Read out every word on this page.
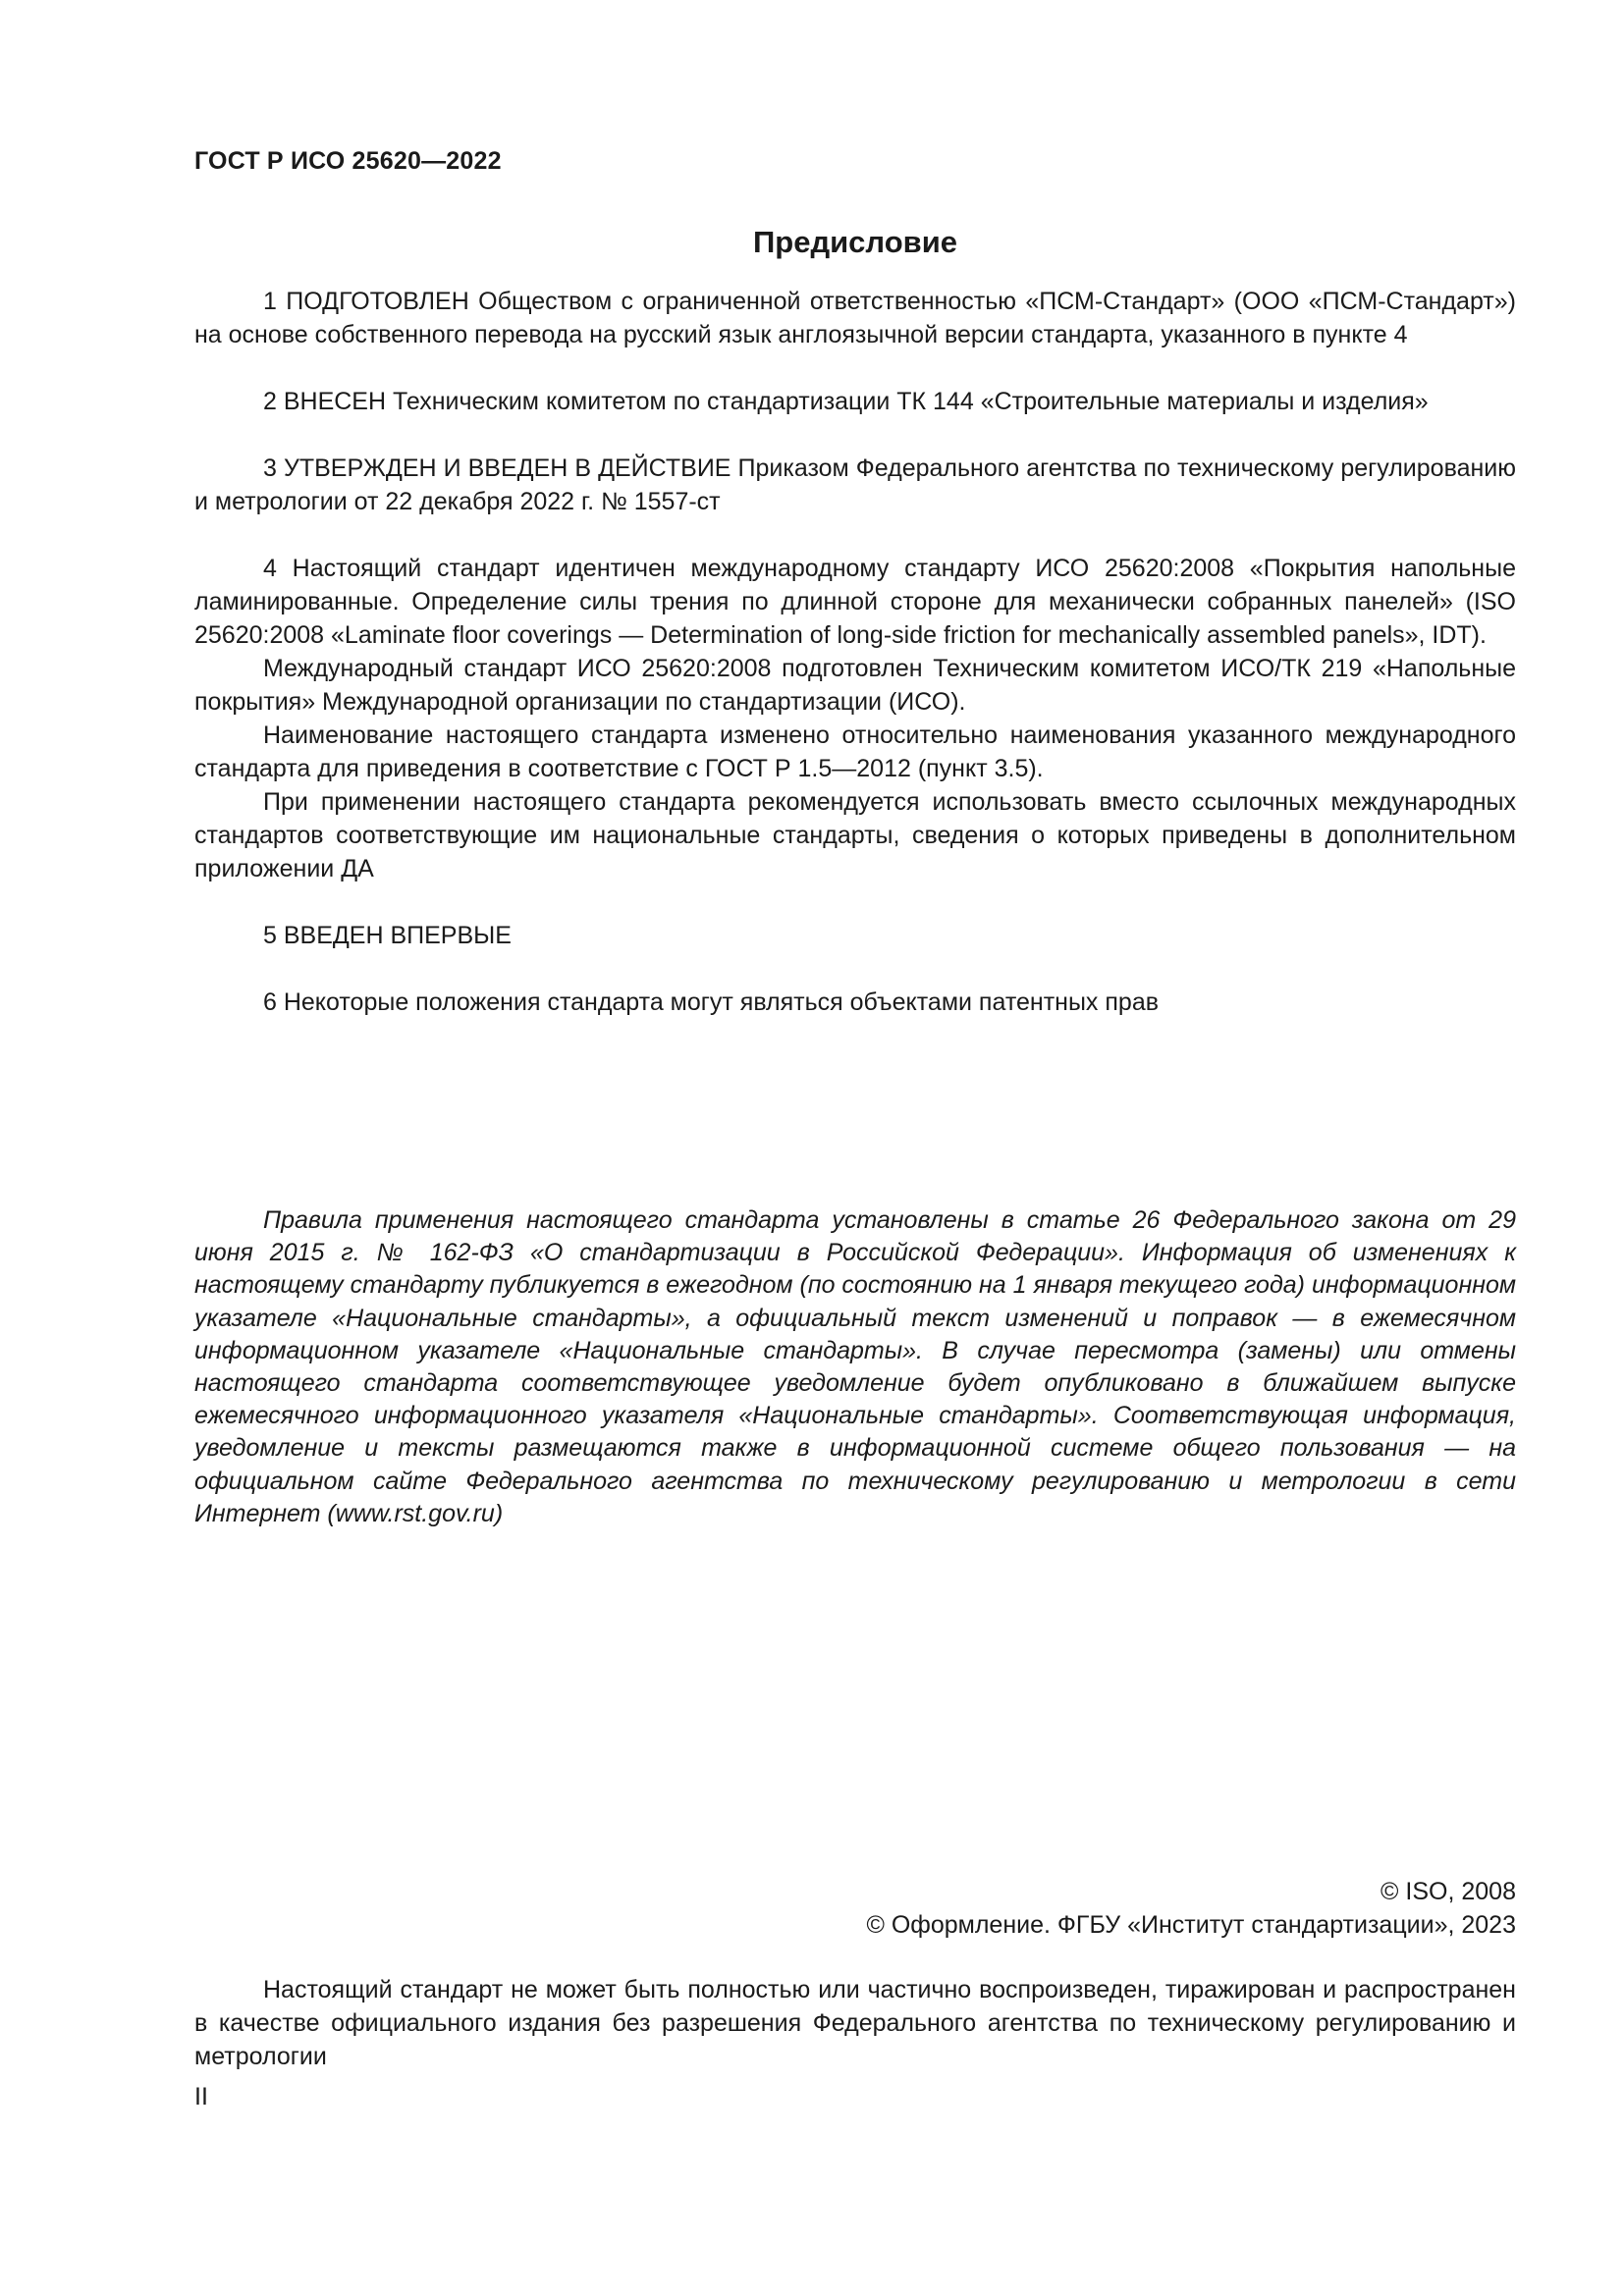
ГОСТ Р ИСО 25620—2022
Предисловие

1 ПОДГОТОВЛЕН Обществом с ограниченной ответственностью «ПСМ-Стандарт» (ООО «ПСМ-Стандарт») на основе собственного перевода на русский язык англоязычной версии стандарта, указанного в пункте 4

2 ВНЕСЕН Техническим комитетом по стандартизации ТК 144 «Строительные материалы и изделия»

3 УТВЕРЖДЕН И ВВЕДЕН В ДЕЙСТВИЕ Приказом Федерального агентства по техническому регулированию и метрологии от 22 декабря 2022 г. № 1557-ст

4 Настоящий стандарт идентичен международному стандарту ИСО 25620:2008 «Покрытия напольные ламинированные. Определение силы трения по длинной стороне для механически собранных панелей» (ISO 25620:2008 «Laminate floor coverings — Determination of long-side friction for mechanically assembled panels», IDT).

Международный стандарт ИСО 25620:2008 подготовлен Техническим комитетом ИСО/ТК 219 «Напольные покрытия» Международной организации по стандартизации (ИСО).

Наименование настоящего стандарта изменено относительно наименования указанного международного стандарта для приведения в соответствие с ГОСТ Р 1.5—2012 (пункт 3.5).

При применении настоящего стандарта рекомендуется использовать вместо ссылочных международных стандартов соответствующие им национальные стандарты, сведения о которых приведены в дополнительном приложении ДА

5 ВВЕДЕН ВПЕРВЫЕ

6 Некоторые положения стандарта могут являться объектами патентных прав

Правила применения настоящего стандарта установлены в статье 26 Федерального закона от 29 июня 2015 г. № 162-ФЗ «О стандартизации в Российской Федерации». Информация об изменениях к настоящему стандарту публикуется в ежегодном (по состоянию на 1 января текущего года) информационном указателе «Национальные стандарты», а официальный текст изменений и поправок — в ежемесячном информационном указателе «Национальные стандарты». В случае пересмотра (замены) или отмены настоящего стандарта соответствующее уведомление будет опубликовано в ближайшем выпуске ежемесячного информационного указателя «Национальные стандарты». Соответствующая информация, уведомление и тексты размещаются также в информационной системе общего пользования — на официальном сайте Федерального агентства по техническому регулированию и метрологии в сети Интернет (www.rst.gov.ru)

© ISO, 2008
© Оформление. ФГБУ «Институт стандартизации», 2023

Настоящий стандарт не может быть полностью или частично воспроизведен, тиражирован и распространен в качестве официального издания без разрешения Федерального агентства по техническому регулированию и метрологии

II
